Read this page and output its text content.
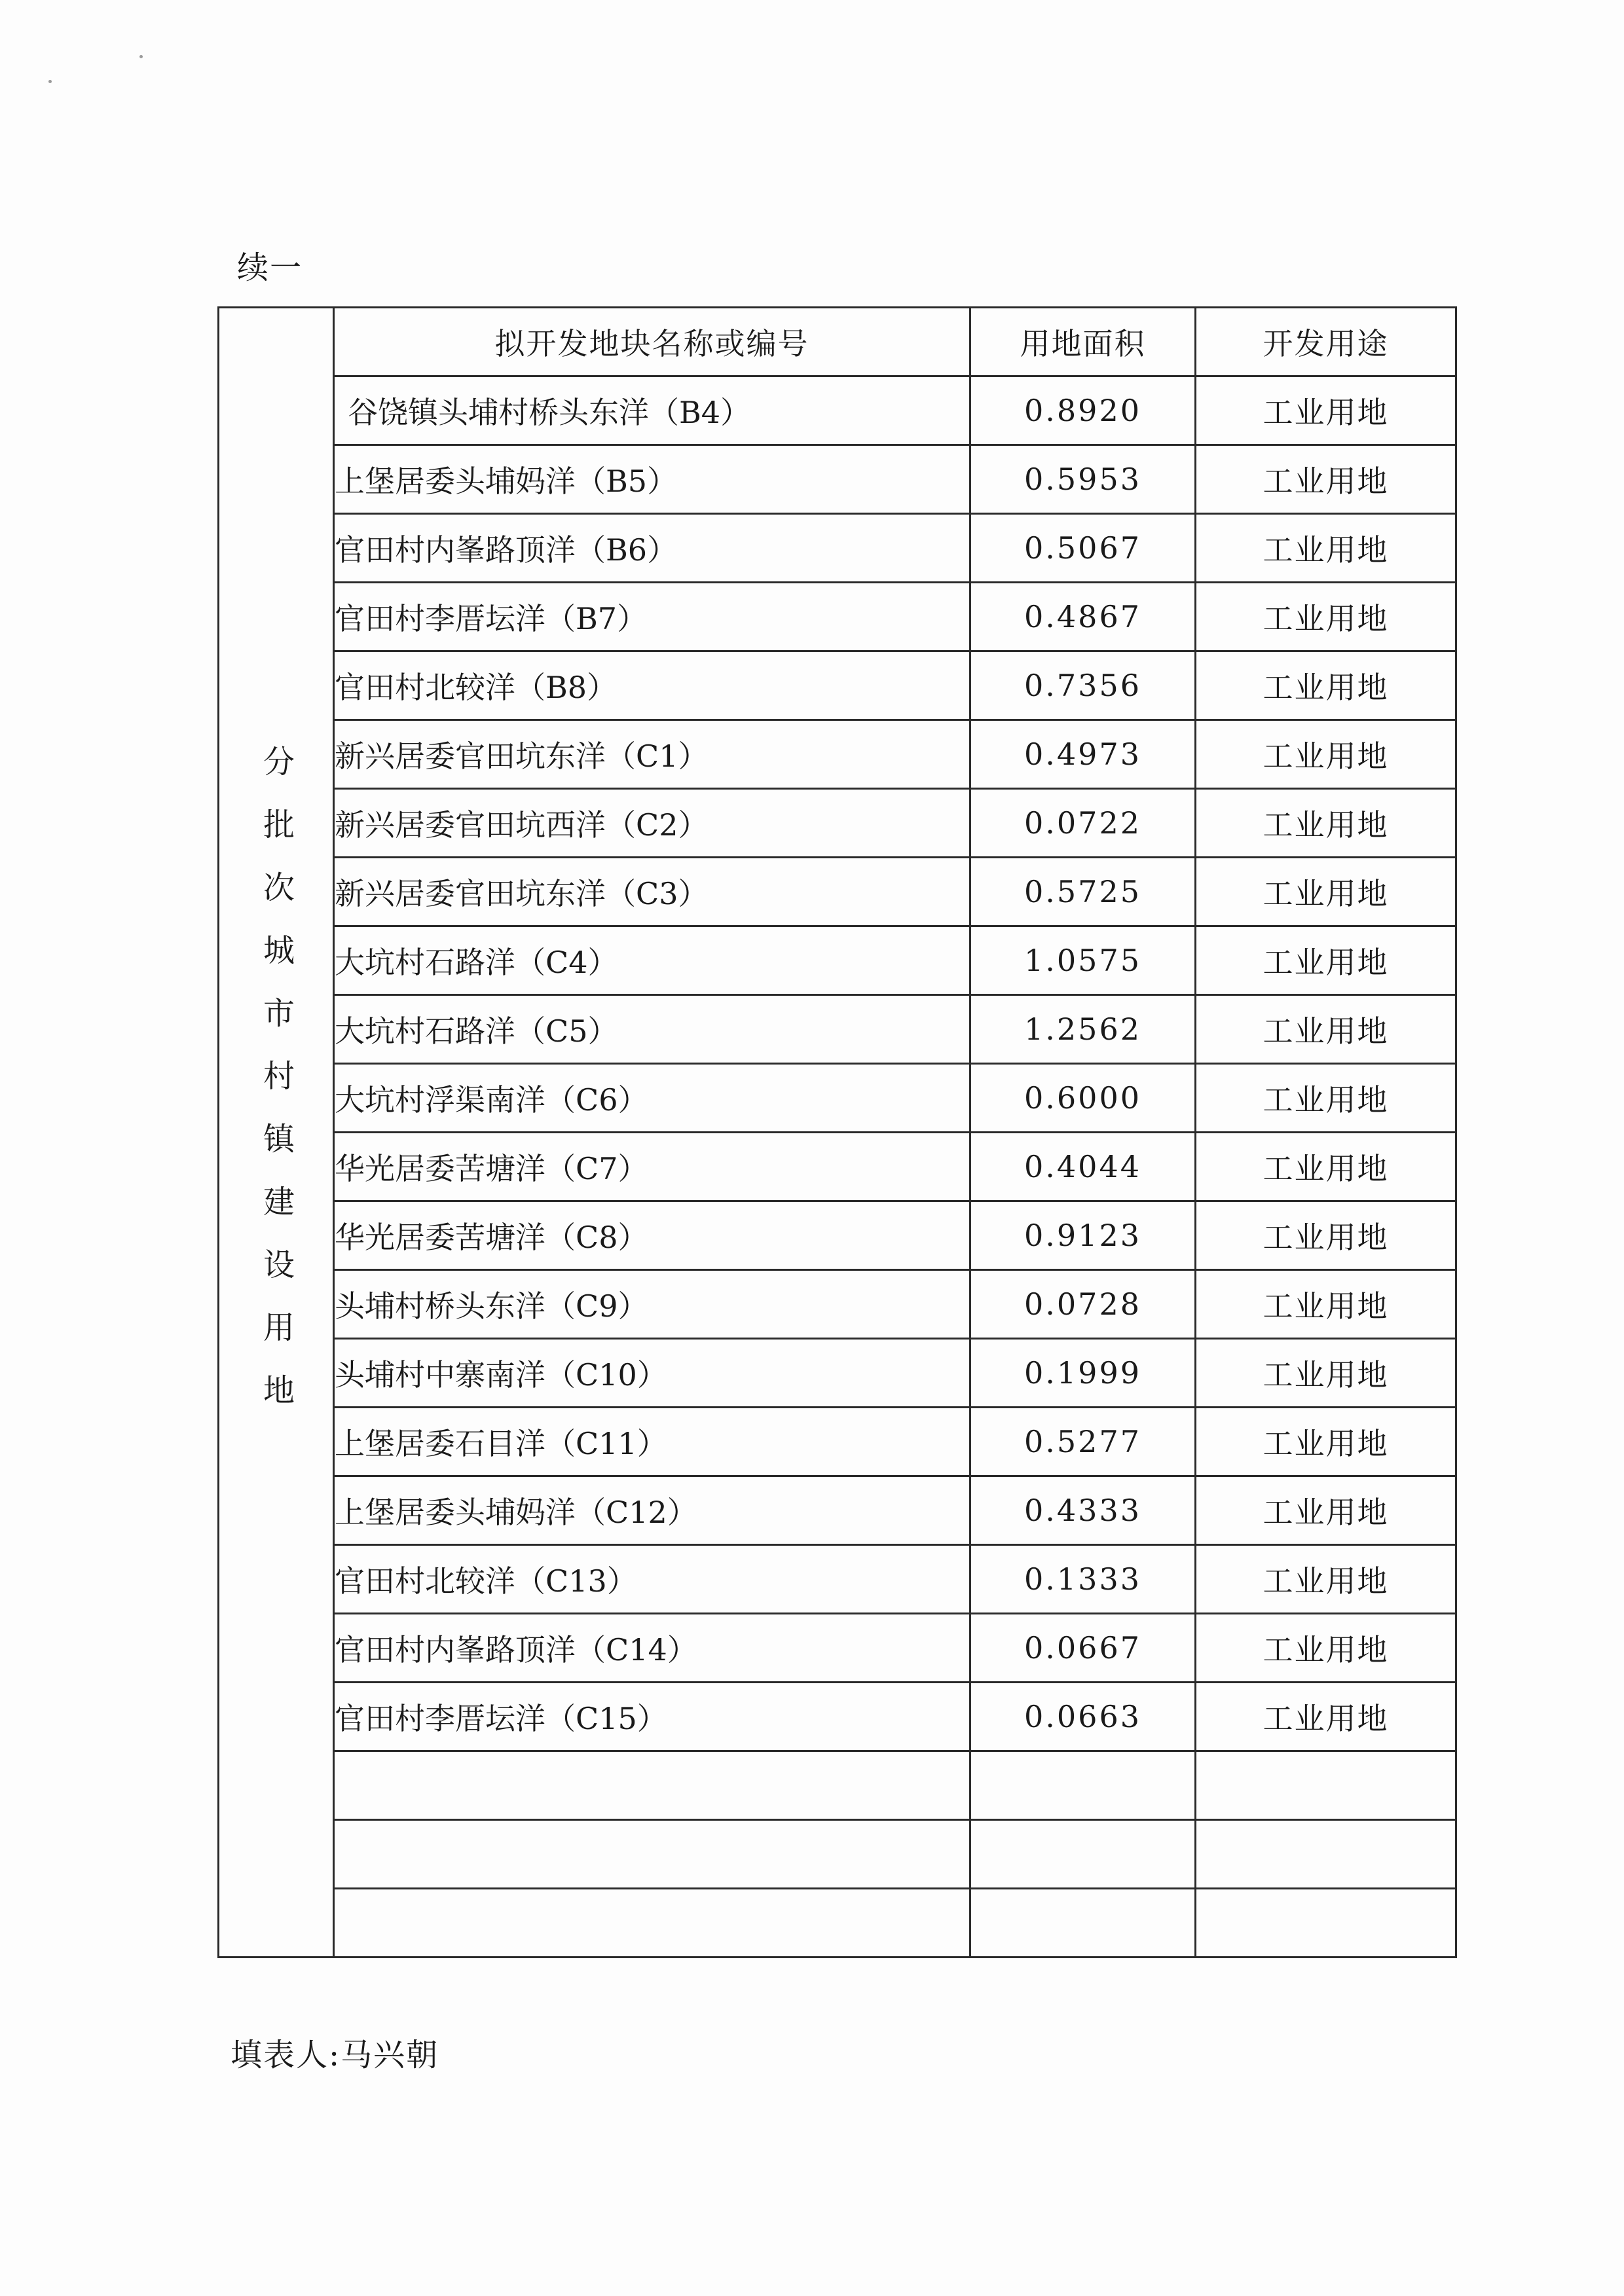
续一
分批次城市村镇建设用地	拟开发地块名称或编号	用地面积	开发用途
	谷饶镇头埔村桥头东洋（B4）	0.8920	工业用地
	上堡居委头埔妈洋（B5）	0.5953	工业用地
	官田村内峯路顶洋（B6）	0.5067	工业用地
	官田村李厝坛洋（B7）	0.4867	工业用地
	官田村北较洋（B8）	0.7356	工业用地
	新兴居委官田坑东洋（C1）	0.4973	工业用地
	新兴居委官田坑西洋（C2）	0.0722	工业用地
	新兴居委官田坑东洋（C3）	0.5725	工业用地
	大坑村石路洋（C4）	1.0575	工业用地
	大坑村石路洋（C5）	1.2562	工业用地
	大坑村浮渠南洋（C6）	0.6000	工业用地
	华光居委苦塘洋（C7）	0.4044	工业用地
	华光居委苦塘洋（C8）	0.9123	工业用地
	头埔村桥头东洋（C9）	0.0728	工业用地
	头埔村中寨南洋（C10）	0.1999	工业用地
	上堡居委石目洋（C11）	0.5277	工业用地
	上堡居委头埔妈洋（C12）	0.4333	工业用地
	官田村北较洋（C13）	0.1333	工业用地
	官田村内峯路顶洋（C14）	0.0667	工业用地
	官田村李厝坛洋（C15）	0.0663	工业用地

填表人:马兴朝
